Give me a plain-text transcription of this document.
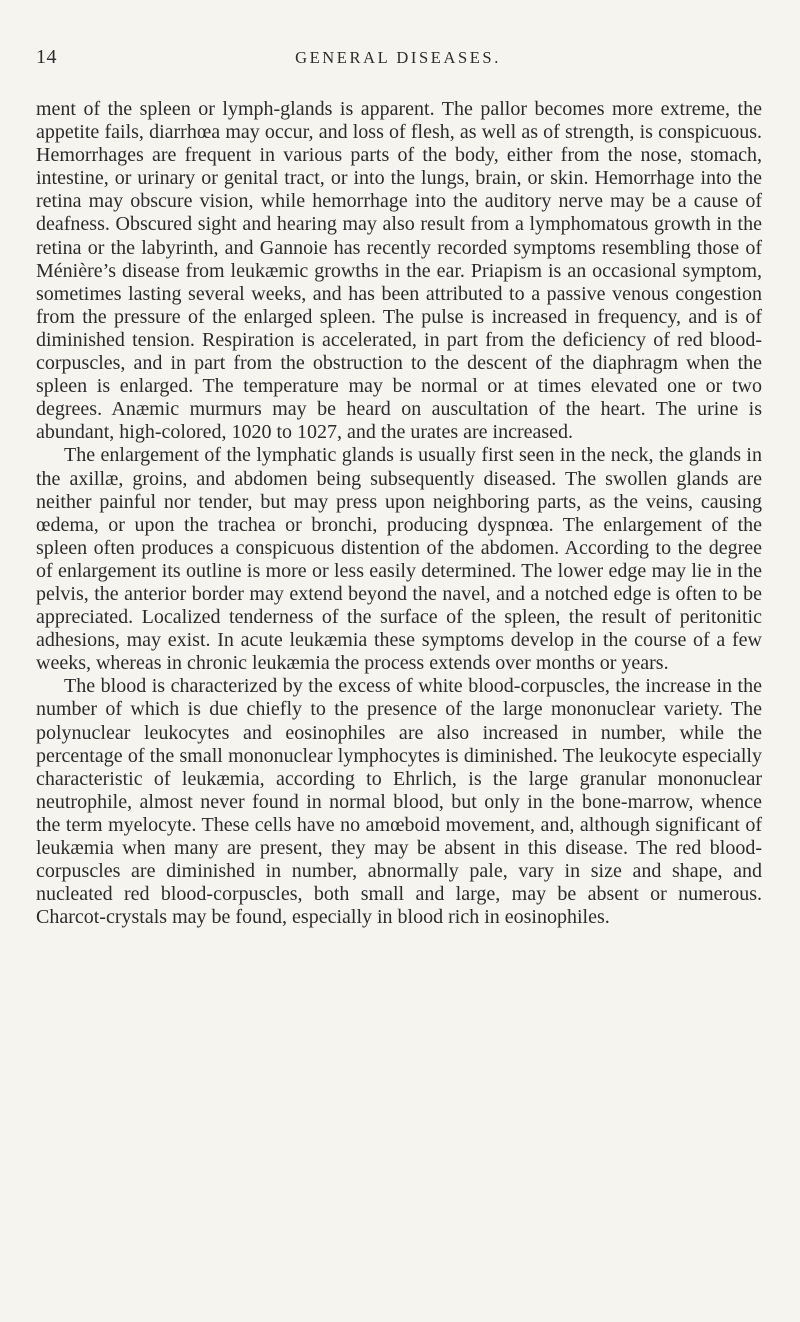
14	GENERAL DISEASES.

ment of the spleen or lymph-glands is apparent. The pallor becomes more extreme, the appetite fails, diarrhœa may occur, and loss of flesh, as well as of strength, is conspicuous. Hemorrhages are frequent in various parts of the body, either from the nose, stomach, intestine, or urinary or genital tract, or into the lungs, brain, or skin. Hemorrhage into the retina may obscure vision, while hemorrhage into the auditory nerve may be a cause of deafness. Obscured sight and hearing may also result from a lymphomatous growth in the retina or the labyrinth, and Gannoie has recently recorded symptoms resembling those of Ménière’s disease from leukæmic growths in the ear. Priapism is an occasional symptom, sometimes lasting several weeks, and has been attributed to a passive venous congestion from the pressure of the enlarged spleen. The pulse is increased in frequency, and is of diminished tension. Respiration is accelerated, in part from the deficiency of red blood-corpuscles, and in part from the obstruction to the descent of the diaphragm when the spleen is enlarged. The temperature may be normal or at times elevated one or two degrees. Anæmic murmurs may be heard on auscultation of the heart. The urine is abundant, high-colored, 1020 to 1027, and the urates are increased.

The enlargement of the lymphatic glands is usually first seen in the neck, the glands in the axillæ, groins, and abdomen being subsequently diseased. The swollen glands are neither painful nor tender, but may press upon neighboring parts, as the veins, causing œdema, or upon the trachea or bronchi, producing dyspnœa. The enlargement of the spleen often produces a conspicuous distention of the abdomen. According to the degree of enlargement its outline is more or less easily determined. The lower edge may lie in the pelvis, the anterior border may extend beyond the navel, and a notched edge is often to be appreciated. Localized tenderness of the surface of the spleen, the result of peritonitic adhesions, may exist. In acute leukæmia these symptoms develop in the course of a few weeks, whereas in chronic leukæmia the process extends over months or years.

The blood is characterized by the excess of white blood-corpuscles, the increase in the number of which is due chiefly to the presence of the large mononuclear variety. The polynuclear leukocytes and eosinophiles are also increased in number, while the percentage of the small mononuclear lymphocytes is diminished. The leukocyte especially characteristic of leukæmia, according to Ehrlich, is the large granular mononuclear neutrophile, almost never found in normal blood, but only in the bone-marrow, whence the term myelocyte. These cells have no amœboid movement, and, although significant of leukæmia when many are present, they may be absent in this disease. The red blood-corpuscles are diminished in number, abnormally pale, vary in size and shape, and nucleated red blood-corpuscles, both small and large, may be absent or numerous. Charcot-crystals may be found, especially in blood rich in eosinophiles.
